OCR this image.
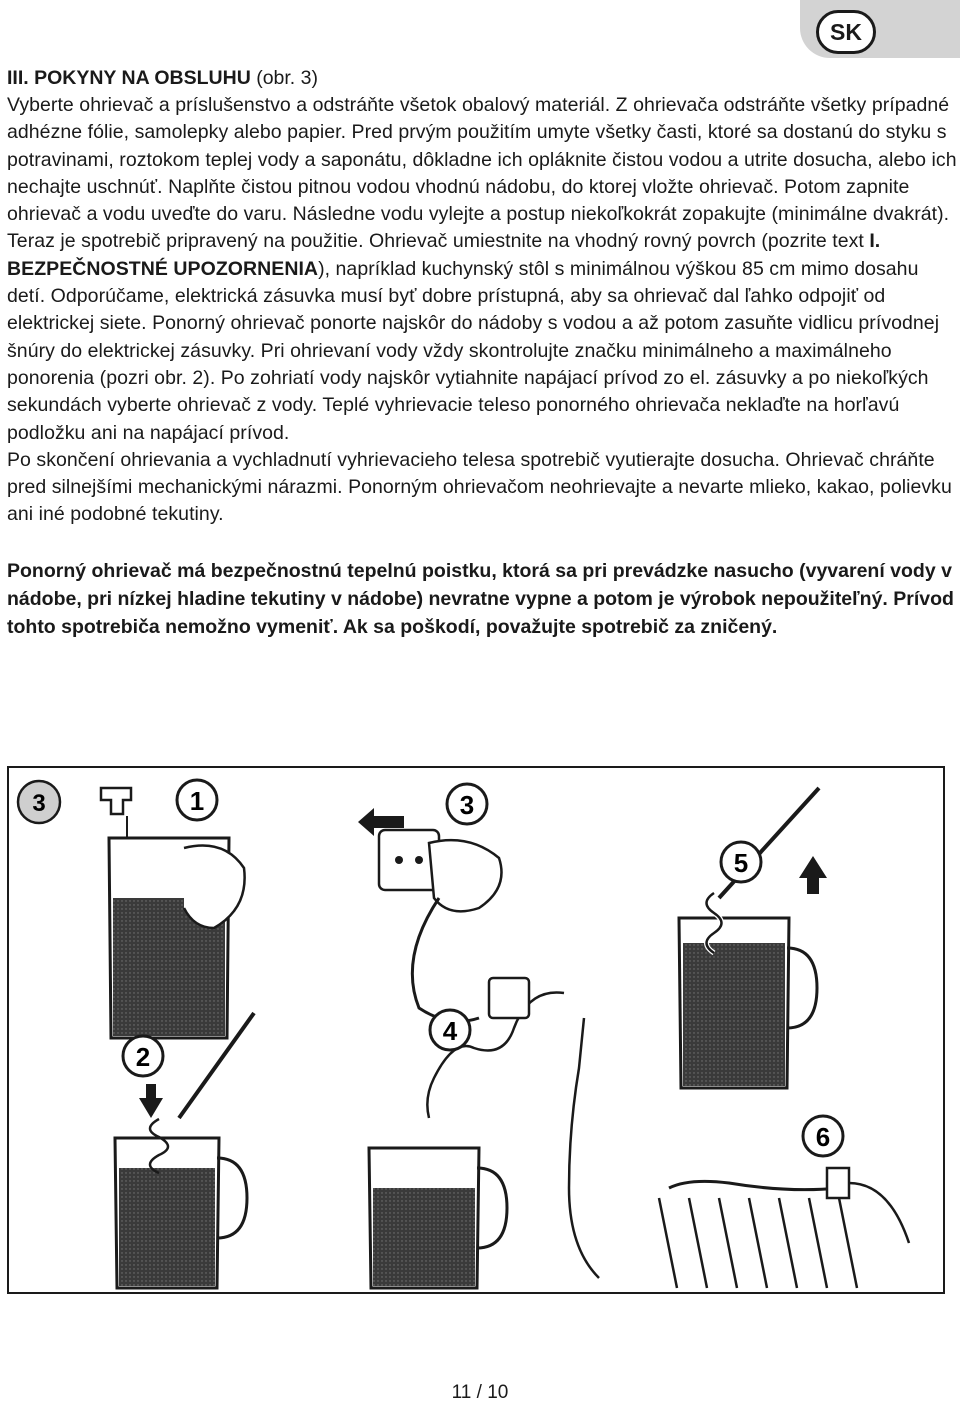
SK

III. POKYNY NA OBSLUHU (obr. 3)

Vyberte ohrievač a príslušenstvo a odstráňte všetok obalový materiál. Z ohrievača odstráňte všetky prípadné adhézne fólie, samolepky alebo papier. Pred prvým použitím umyte všetky časti, ktoré sa dostanú do styku s potravinami, roztokom teplej vody a saponátu, dôkladne ich opláknite čistou vodou a utrite dosucha, alebo ich nechajte uschnúť. Naplňte čistou pitnou vodou vhodnú nádobu, do ktorej vložte ohrievač. Potom zapnite ohrievač a vodu uveďte do varu. Následne vodu vylejte a postup niekoľkokrát zopakujte (minimálne dvakrát). Teraz je spotrebič pripravený na použitie. Ohrievač umiestnite na vhodný rovný povrch (pozrite text I. BEZPEČNOSTNÉ UPOZORNENIA), napríklad kuchynský stôl s minimálnou výškou 85 cm mimo dosahu detí. Odporúčame, elektrická zásuvka musí byť dobre prístupná, aby sa ohrievač dal ľahko odpojiť od elektrickej siete. Ponorný ohrievač ponorte najskôr do nádoby s vodou a až potom zasuňte vidlicu prívodnej šnúry do elektrickej zásuvky. Pri ohrievaní vody vždy skontrolujte značku minimálneho a maximálneho ponorenia (pozri obr. 2). Po zohriatí vody najskôr vytiahnite napájací prívod zo el. zásuvky a po niekoľkých sekundách vyberte ohrievač z vody. Teplé vyhrievacie teleso ponorného ohrievača neklaďte na horľavú podložku ani na napájací prívod.

Po skončení ohrievania a vychladnutí vyhrievacieho telesa spotrebič vyutierajte dosucha. Ohrievač chráňte pred silnejšími mechanickými nárazmi. Ponorným ohrievačom neohrievajte a nevarte mlieko, kakao, polievku ani iné podobné tekutiny.

Ponorný ohrievač má bezpečnostnú tepelnú poistku, ktorá sa pri prevádzke nasucho (vyvarení vody v nádobe, pri nízkej hladine tekutiny v nádobe) nevratne vypne a potom je výrobok nepoužiteľný. Prívod tohto spotrebiča nemožno vymeniť. Ak sa poškodí, považujte spotrebič za zničený.

3	1	3
5
2
4
6
11 / 10
